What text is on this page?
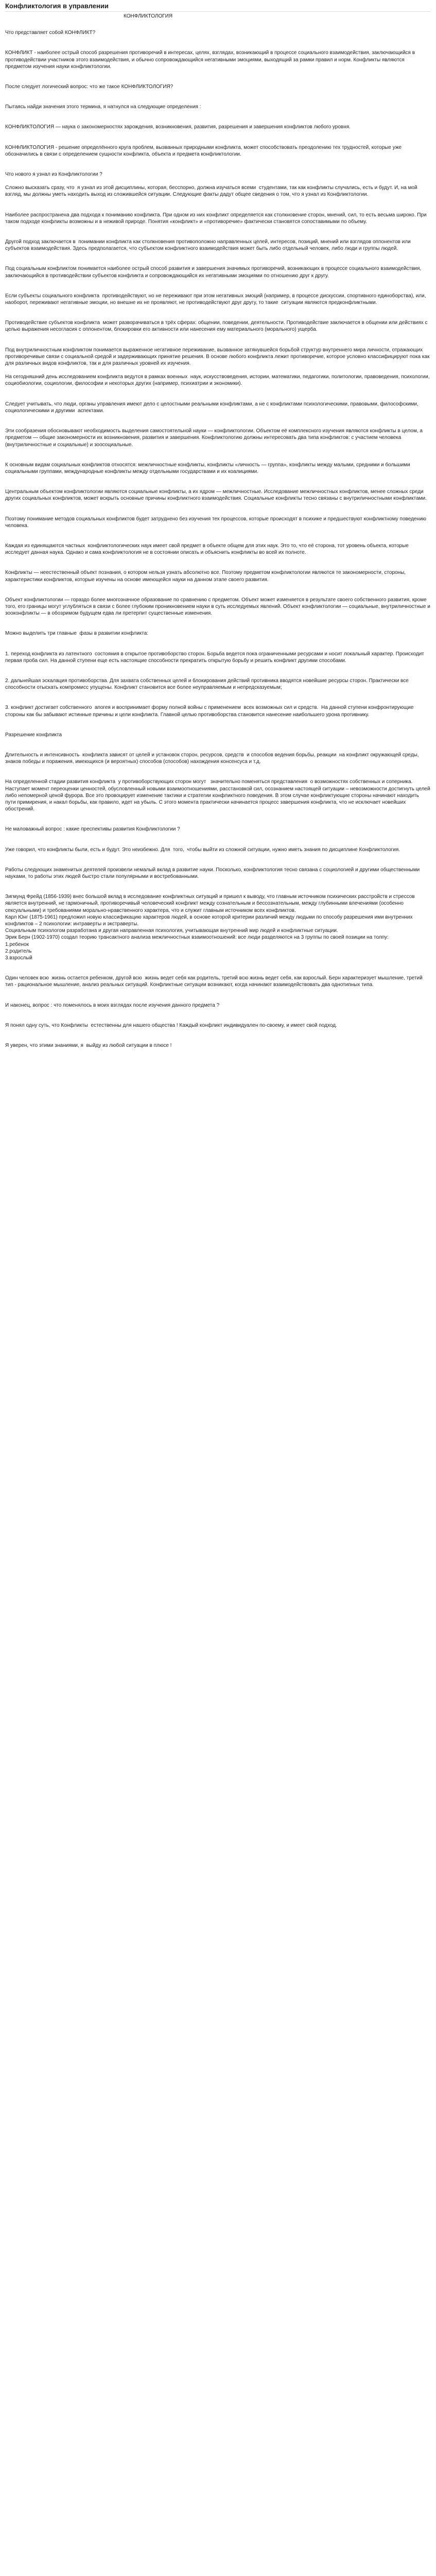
Конфликтология в управлении
КОНФЛИКТОЛОГИЯ

Что представляет собой КОНФЛИКТ?

КОНФЛИКТ - наиболее острый способ разрешения противоречий в интересах, целях, взглядах, возникающий в процессе социального взаимодействия, заключающийся в противодействии участников этого взаимодействия, и обычно сопровождающийся негативными эмоциями, выходящий за рамки правил и норм. Конфликты являются предметом изучения науки конфликтологии.

После следует логический вопрос: что же такое КОНФЛИКТОЛОГИЯ?

Пытаясь найди значения этого термина, я натнулся на следующие определения :

КОНФЛИКТОЛОГИЯ — наука о закономерностях зарождения, возникновения, развития, разрешения и завершения конфликтов любого уровня.

КОНФЛИКТОЛОГИЯ - решение определённого круга проблем, вызванных природными конфликта, может способствовать преодолению тех трудностей, которые уже обозначились в связи с определением сущности конфликта, объекта и предмета конфликтологии.

Что нового я узнал из Конфликтологии ?

Сложно высказать сразу, что  я узнал из этой дисциплины, которая, бесспорно, должна изучаться всеми  студентами, так как конфликты случались, есть и будут. И, на мой взгляд, мы должны уметь находить выход из сложившейся ситуации. Следующие факты дадут общее сведения о том, что я узнал из Конфликтологии.

Наиболее распространена два подхода к пониманию конфликта. При одном из них конфликт определяется как столкновение сторон, мнений, сил, то есть весьма широко. При таком подходе конфликты возможны и в неживой природе. Понятия «конфликт» и «противоречие» фактически становятся сопоставимыми по объему.

Другой подход заключается в  понимании конфликта как столкновения противоположно направленных целей, интересов, позиций, мнений или взглядов оппонентов или субъектов взаимодействия. Здесь предполагается, что субъектом конфликтного взаимодействия может быть либо отдельный человек, либо люди и группы людей.

Под социальным конфликтом понимается наиболее острый способ развития и завершения значимых противоречий, возникающих в процессе социального взаимодействия, заключающийся в противодействии субъектов конфликта и сопровождающийся их негативными эмоциями по отношению друг к другу.

Если субъекты социального конфликта  противодействуют, но не переживают при этом негативных эмоций (например, в процессе дискуссии, спортивного единоборства), или, наоборот, переживают негативные эмоции, но внешне их не проявляют, не противодействуют друг другу, то такие  ситуации являются предконфликтными.

Противодействие субъектов конфликта  может разворачиваться в трёх сферах: общении, поведении, деятельности. Противодействие заключается в общении или действиях с целью выражения несогласия с оппонентом, блокировки его активности или нанесения ему материального (морального) ущерба.

Под внутриличностным конфликтом понимается выраженное негативное переживание, вызванное затянувшейся борьбой структур внутреннего мира личности, отражающих противоречивые связи с социальной средой и задерживающих принятие решения. В основе любого конфликта лежит противоречие, которое условно классифицируют пока как для различных видов конфликтов, так и для различных уровней их изучения.

На сегодняшний день исследованием конфликта ведутся в рамках военных  наук, искусствоведения, истории, математики, педагогики, политологии, правоведения, психологии, социобиологии, социологии, философии и некоторых других (например, психиатрии и экономики).

Следует учитывать, что люди, органы управления имеют дело с целостными реальными конфликтами, а не с конфликтами психологическими, правовыми, философскими, социологическими и другими  аспектами.

Эти сообразения обосновывают необходимость выделения самостоятельной науки — конфликтологии. Объектом её комплексного изучения являются конфликты в целом, а предметом — общие закономерности их возникновения, развития и завершения. Конфликтологию должны интересовать два типа конфликтов: с участием человека (внутриличностные и социальные) и зоосоциальные.

К основным видам социальных конфликтов относятся: межличностные конфликты, конфликты «личность — группа», конфликты между малыми, средними и большими социальными группами, международные конфликты между отдельными государствами и их коалициями.

Центральным объектом конфликтологии являются социальные конфликты, а их ядром — межличностные. Исследование межличностных конфликтов, менее сложных среди других социальных конфликтов, может вскрыть основные причины конфликтного взаимодействия. Социальные конфликты тесно связаны с внутриличностными конфликтами.

Поэтому понимание методов социальных конфликтов будет затруднено без изучения тех процессов, которые происходят в психике и предшествуют конфликтному поведению человека.

Каждая из единящаются частных  конфликтологических наук имеет свой предмет в объекте общем для этих наук. Это то, что её сторона, тот уровень объекта, которые исследует данная наука. Однако и сама конфликтология не в состоянии описать и объяснить конфликты во всей их полноте.

Конфликты — неестественный объект познания, о котором нельзя узнать абсолютно все. Поэтому предметом конфликтологии являются те закономерности, стороны, характеристики конфликтов, которые изучены на основе имеющейся науки на данном этапе своего развития.

Объект конфликтологии — гораздо более многозначное образование по сравнению с предметом. Объект может изменяется в результате своего собственного развития, кроме того, его границы могут углубляться в связи с более глубоким проникновением науки в суть исследуемых явлений. Объект конфликтологии — социальные, внутриличностные и зооконфликты — в обозримом будущем едва ли претерпит существенные изменения.

Можно выделить три главные  фазы в развитии конфликта:

1. переход конфликта из латентного  состояния в открытое противоборство сторон. Борьба ведется пока ограниченными ресурсами и носит локальный характер. Происходит первая проба сил. На данной ступени еще есть настоящие способности прекратить открытую борьбу и решить конфликт другими способами.

2. дальнейшая эскалация противоборства. Для захвата собственных целей и блокирования действий противника вводятся новейшие ресурсы сторон. Практически все способности отыскать компромисс упущены. Конфликт становится все более неуправляемым и непредсказуемым;

3. конфликт достигает собственного  апогея и воспринимает форму полной войны с применением  всех возможных сил и средств.  На данной ступени конфронтирующие стороны как бы забывают истинные причины и цели конфликта. Главной целью противоборства становится нанесение наибольшего урона противнику.

Разрешение конфликта

Длительность и интенсивность  конфликта зависят от целей и установок сторон, ресурсов, средств  и способов ведения борьбы, реакции  на конфликт окружающей среды, знаков победы и поражения, имеющихся (и вероятных) способов (способов) нахождения консенсуса и т.д.

На определенной стадии развития конфликта  у противоборствующих сторон могут   значительно поменяться представления  о возможностях собственных и соперника. Наступает момент переоценки ценностей, обусловленный новыми взаимоотношениями, расстановкой сил, осознанием настоящей ситуации – невозможности достигнуть целей либо непомерной ценой фурора. Все это провоцирует изменение тактики и стратегии конфликтного поведения. В этом случае конфликтующие стороны начинают находить пути примирения, и накал борьбы, как правило, идет на убыль. С этого момента практически начинается процесс завершения конфликта, что не исключает новейших обострений.

Не маловажный вопрос : какие преспективы развития Конфликтологии ?

Уже говорил, что конфликты были, есть и будут. Это неизбежно. Для  того,  чтобы выйти из сложной ситуации, нужно иметь знания по дисциплине Конфликтология.

Работы следующих знаменитых деятелей произвели немалый вклад в развитие науки. Посколько, конфликтология тесно связана с социологией и другими общественными науками, то работы этих людей быстро стали популярными и востребованными.

Зигмунд Фрейд (1856-1939) внес большой вклад в исследование конфликтных ситуаций и пришел к выводу, что главным источником психических расстройств и стрессов является внутренний, не гармоничный, противоречивый человеческий конфликт между сознательным и бессознательным, между глубинными влечениями (особенно сексуальными) и требованиями морально-нравственного характера, что и служит главным источником всех конфликтов.
Карл Юнг (1875-1961) предложил новую классификацию характеров людей, в основе которой критерии различий между людьми по способу разрешения ими внутренних конфликтов – 2 психологии: интраверты и экстраверты.
Социальным психологом разработана и другая направленная психология, учитывающая внутренний мир людей и конфликтные ситуации.
Эрик Берн (1902-1970) создал теорию трансактного анализа межличностных взаимоотношений: все люди разделяются на 3 группы по своей позиции на толпу:
1.ребенок
2.родитель
3.взрослый

Один человек всю  жизнь остается ребенком, другой всю  жизнь ведет себя как родитель, третий всю жизнь ведет себя, как взрослый. Берн характеризует мышление, третий тип - рациональное мышление, анализ реальных ситуаций. Конфликтные ситуации возникают, когда начинают взаимодействовать два однотипных типа.

И наконец, вопрос : что поменялось в моих взглядах после изучения данного предмета ?

Я понял одну суть, что Конфликты  естественны для нашего общества ! Каждый конфликт индивидуален по-своему, и имеет свой подход.

Я уверен, что этими знаниями, я  выйду из любой ситуации в плюсе !
